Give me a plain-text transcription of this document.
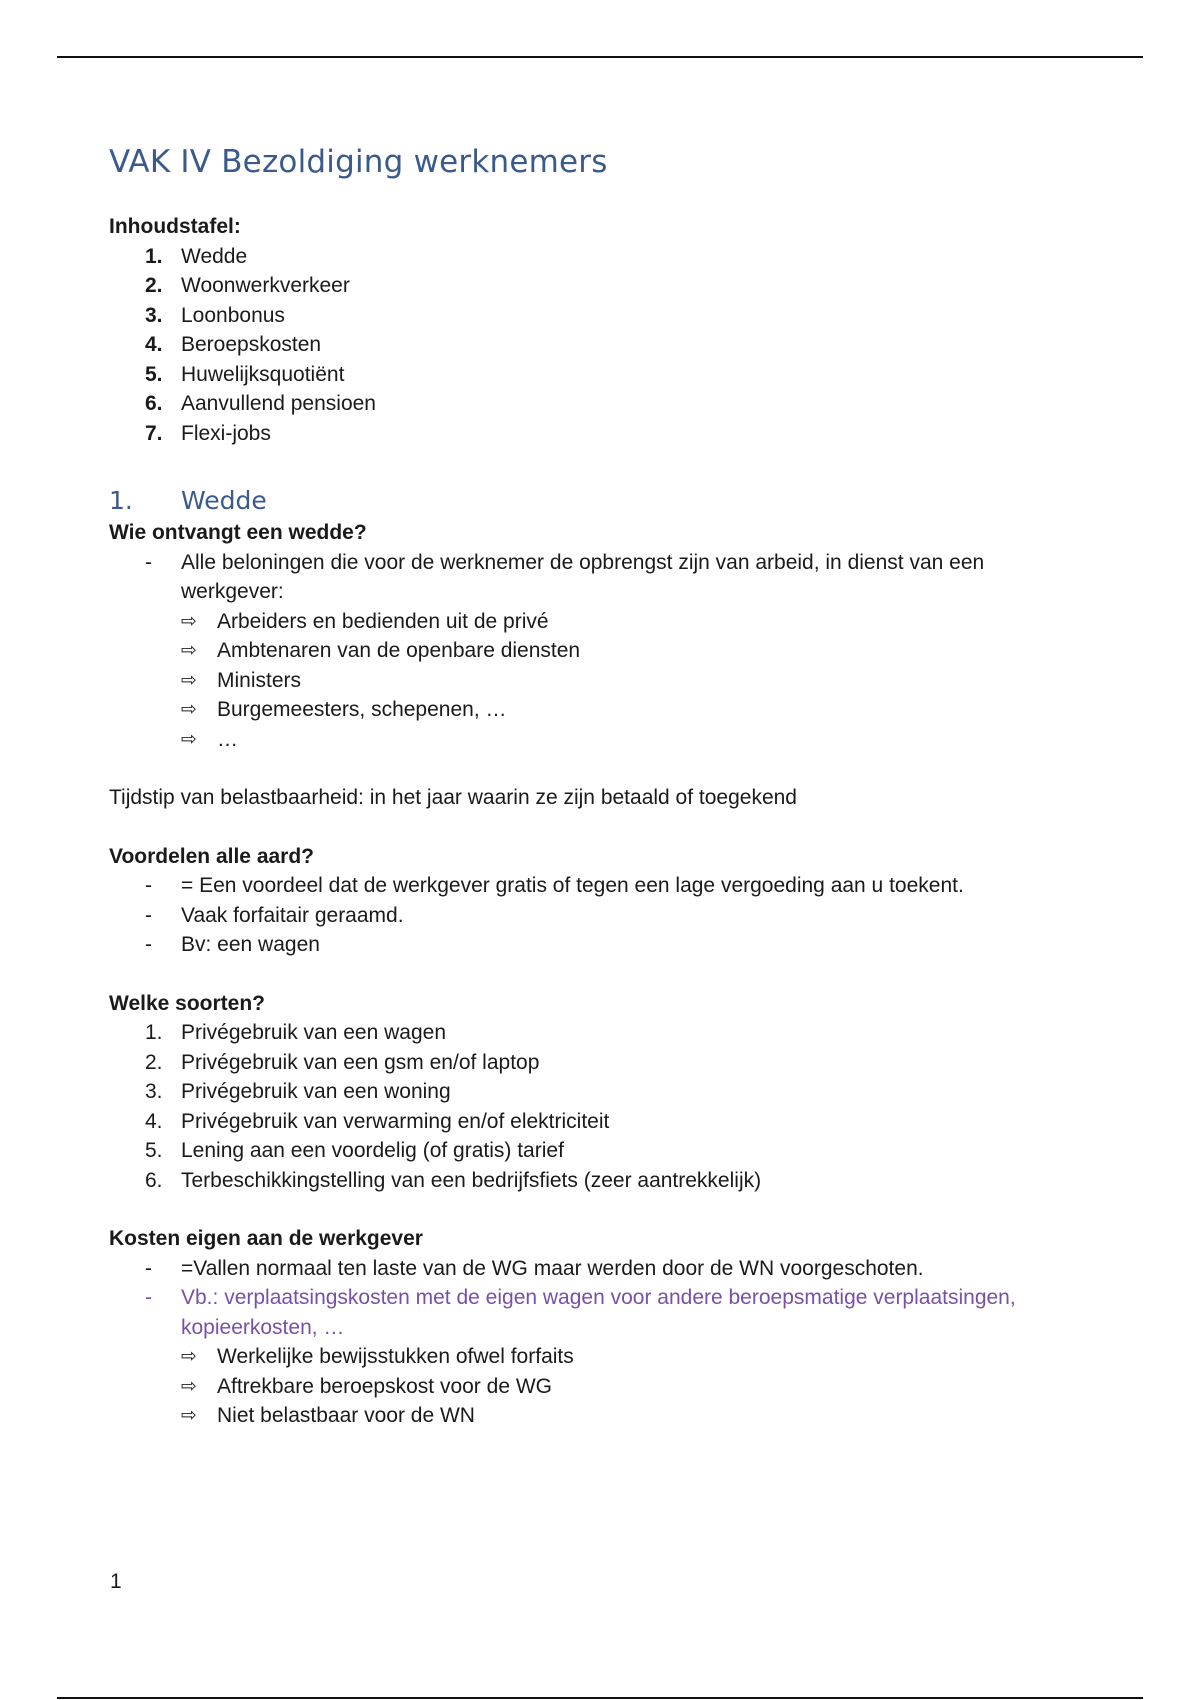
VAK IV Bezoldiging werknemers
Inhoudstafel:
1. Wedde
2. Woonwerkverkeer
3. Loonbonus
4. Beroepskosten
5. Huwelijksquotiënt
6. Aanvullend pensioen
7. Flexi-jobs
1. Wedde
Wie ontvangt een wedde?
- Alle beloningen die voor de werknemer de opbrengst zijn van arbeid, in dienst van een werkgever:
⇨ Arbeiders en bedienden uit de privé
⇨ Ambtenaren van de openbare diensten
⇨ Ministers
⇨ Burgemeesters, schepenen, …
⇨ …
Tijdstip van belastbaarheid: in het jaar waarin ze zijn betaald of toegekend
Voordelen alle aard?
- = Een voordeel dat de werkgever gratis of tegen een lage vergoeding aan u toekent.
- Vaak forfaitair geraamd.
- Bv: een wagen
Welke soorten?
1. Privégebruik van een wagen
2. Privégebruik van een gsm en/of laptop
3. Privégebruik van een woning
4. Privégebruik van verwarming en/of elektriciteit
5. Lening aan een voordelig (of gratis) tarief
6. Terbeschikkingstelling van een bedrijfsfiets (zeer aantrekkelijk)
Kosten eigen aan de werkgever
- =Vallen normaal ten laste van de WG maar werden door de WN voorgeschoten.
- Vb.: verplaatsingskosten met de eigen wagen voor andere beroepsmatige verplaatsingen, kopieerkosten, …
⇨ Werkelijke bewijsstukken ofwel forfaits
⇨ Aftrekbare beroepskost voor de WG
⇨ Niet belastbaar voor de WN
1
